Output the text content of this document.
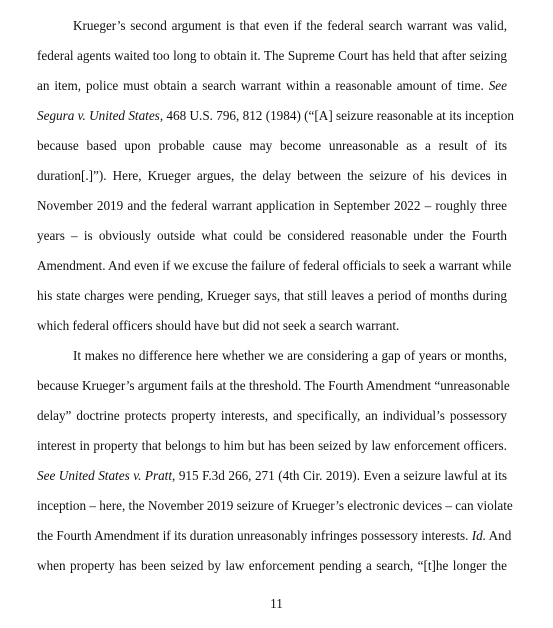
Krueger’s second argument is that even if the federal search warrant was valid,
federal agents waited too long to obtain it. The Supreme Court has held that after seizing
an item, police must obtain a search warrant within a reasonable amount of time. See
Segura v. United States, 468 U.S. 796, 812 (1984) (“[A] seizure reasonable at its inception
because based upon probable cause may become unreasonable as a result of its
duration[.]”). Here, Krueger argues, the delay between the seizure of his devices in
November 2019 and the federal warrant application in September 2022 – roughly three
years – is obviously outside what could be considered reasonable under the Fourth
Amendment. And even if we excuse the failure of federal officials to seek a warrant while
his state charges were pending, Krueger says, that still leaves a period of months during
which federal officers should have but did not seek a search warrant.
It makes no difference here whether we are considering a gap of years or months,
because Krueger’s argument fails at the threshold. The Fourth Amendment “unreasonable
delay” doctrine protects property interests, and specifically, an individual’s possessory
interest in property that belongs to him but has been seized by law enforcement officers.
See United States v. Pratt, 915 F.3d 266, 271 (4th Cir. 2019). Even a seizure lawful at its
inception – here, the November 2019 seizure of Krueger’s electronic devices – can violate
the Fourth Amendment if its duration unreasonably infringes possessory interests. Id. And
when property has been seized by law enforcement pending a search, “[t]he longer the
11
